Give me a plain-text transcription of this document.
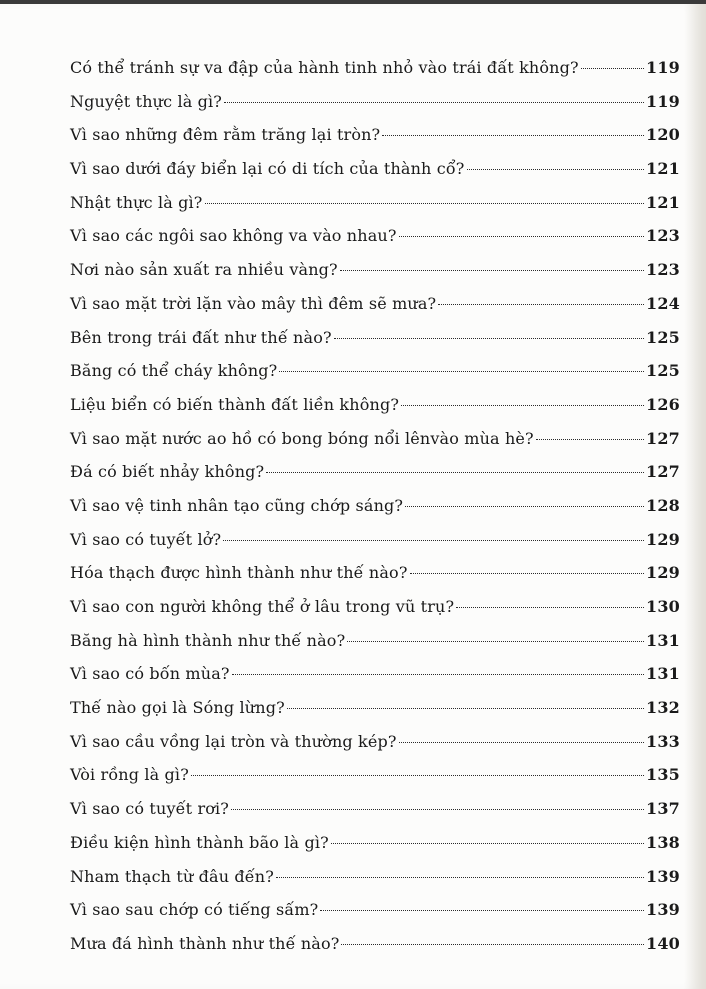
Có thể tránh sự va đập của hành tinh nhỏ vào trái đất không?	119
Nguyệt thực là gì?	119
Vì sao những đêm rằm trăng lại tròn?	120
Vì sao dưới đáy biển lại có di tích của thành cổ?	121
Nhật thực là gì?	121
Vì sao các ngôi sao không va vào nhau?	123
Nơi nào sản xuất ra nhiều vàng?	123
Vì sao mặt trời lặn vào mây thì đêm sẽ mưa?	124
Bên trong trái đất như thế nào?	125
Băng có thể cháy không?	125
Liệu biển có biến thành đất liền không?	126
Vì sao mặt nước ao hồ có bong bóng nổi lênvào mùa hè?	127
Đá có biết nhảy không?	127
Vì sao vệ tinh nhân tạo cũng chớp sáng?	128
Vì sao có tuyết lở?	129
Hóa thạch được hình thành như thế nào?	129
Vì sao con người không thể ở lâu trong vũ trụ?	130
Băng hà hình thành như thế nào?	131
Vì sao có bốn mùa?	131
Thế nào gọi là Sóng lừng?	132
Vì sao cầu vồng lại tròn và thường kép?	133
Vòi rồng là gì?	135
Vì sao có tuyết rơi?	137
Điều kiện hình thành bão là gì?	138
Nham thạch từ đâu đến?	139
Vì sao sau chớp có tiếng sấm?	139
Mưa đá hình thành như thế nào?	140
